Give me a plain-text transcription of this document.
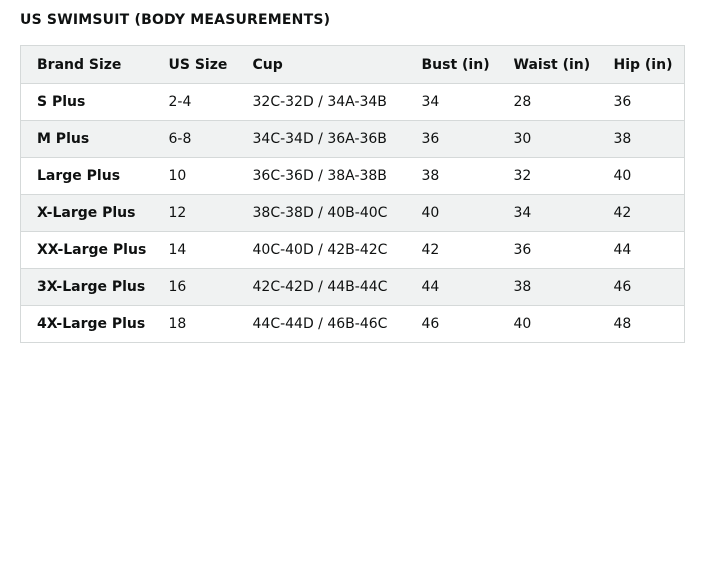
US SWIMSUIT (BODY MEASUREMENTS)
Brand Size	US Size	Cup	Bust (in)	Waist (in)	Hip (in)
S Plus	2-4	32C-32D / 34A-34B	34	28	36
M Plus	6-8	34C-34D / 36A-36B	36	30	38
Large Plus	10	36C-36D / 38A-38B	38	32	40
X-Large Plus	12	38C-38D / 40B-40C	40	34	42
XX-Large Plus	14	40C-40D / 42B-42C	42	36	44
3X-Large Plus	16	42C-42D / 44B-44C	44	38	46
4X-Large Plus	18	44C-44D / 46B-46C	46	40	48
